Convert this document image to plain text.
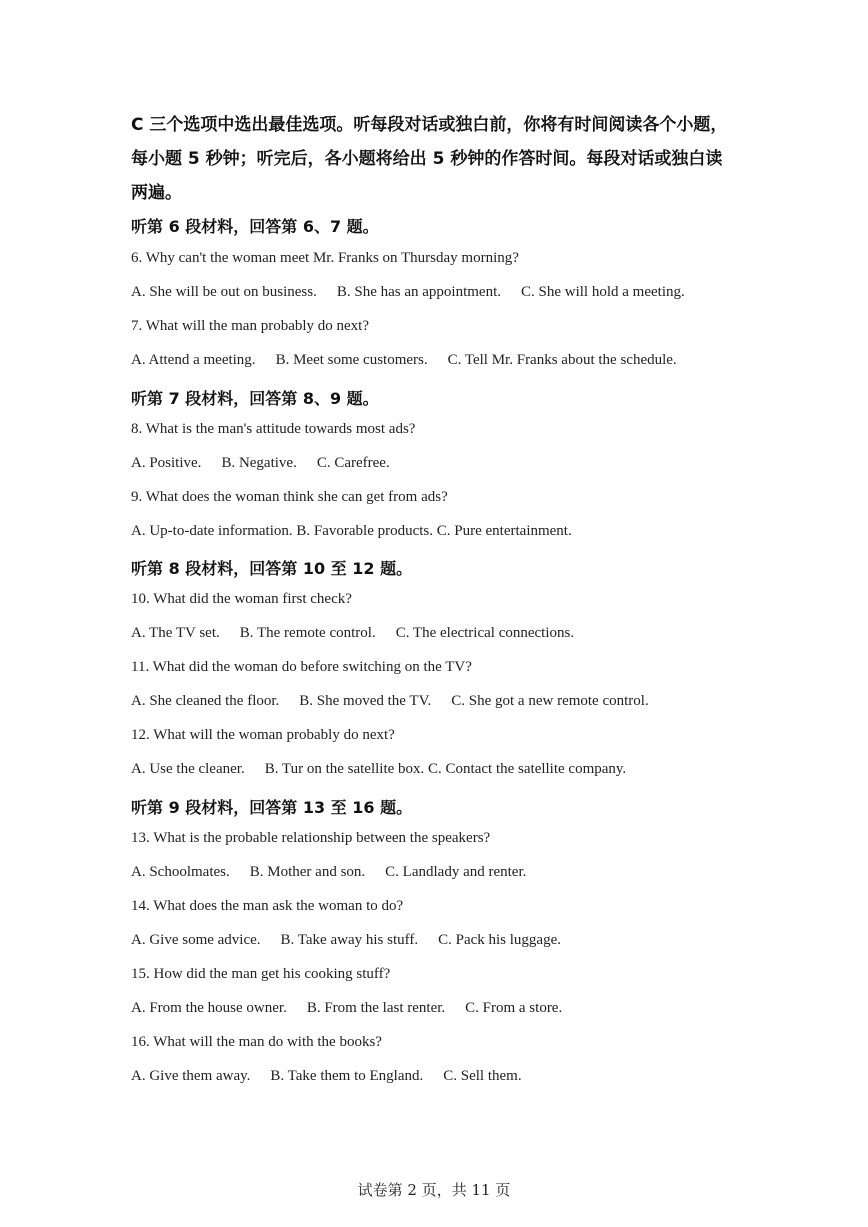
C 三个选项中选出最佳选项。听每段对话或独白前，你将有时间阅读各个小题，
每小题 5 秒钟；听完后，各小题将给出 5 秒钟的作答时间。每段对话或独白读
两遍。
听第 6 段材料，回答第 6、7 题。
6. Why can't the woman meet Mr. Franks on Thursday morning?
A. She will be out on business. B. She has an appointment. C. She will hold a meeting.
7. What will the man probably do next?
A. Attend a meeting. B. Meet some customers. C. Tell Mr. Franks about the schedule.
听第 7 段材料，回答第 8、9 题。
8. What is the man's attitude towards most ads?
A. Positive. B. Negative. C. Carefree.
9. What does the woman think she can get from ads?
A. Up-to-date information. B. Favorable products. C. Pure entertainment.
听第 8 段材料，回答第 10 至 12 题。
10. What did the woman first check?
A. The TV set. B. The remote control. C. The electrical connections.
11. What did the woman do before switching on the TV?
A. She cleaned the floor. B. She moved the TV. C. She got a new remote control.
12. What will the woman probably do next?
A. Use the cleaner. B. Tur on the satellite box. C. Contact the satellite company.
听第 9 段材料，回答第 13 至 16 题。
13. What is the probable relationship between the speakers?
A. Schoolmates. B. Mother and son. C. Landlady and renter.
14. What does the man ask the woman to do?
A. Give some advice. B. Take away his stuff. C. Pack his luggage.
15. How did the man get his cooking stuff?
A. From the house owner. B. From the last renter. C. From a store.
16. What will the man do with the books?
A. Give them away. B. Take them to England. C. Sell them.
试卷第 2 页，共 11 页
